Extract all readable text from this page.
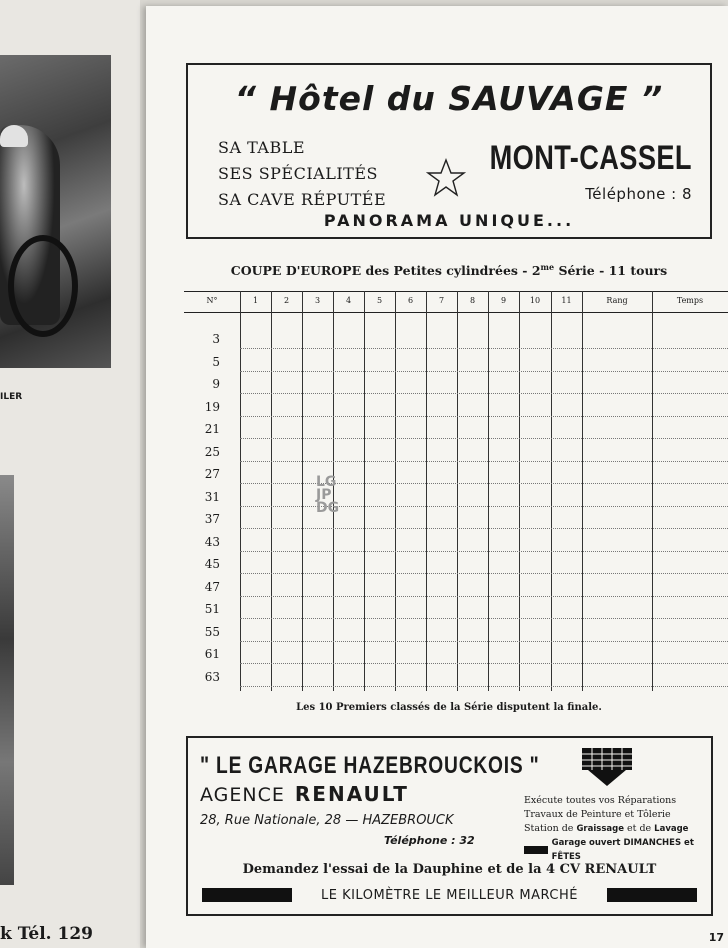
ILER
k Tél. 129
“ Hôtel du SAUVAGE ”
SA TABLE
SES SPÉCIALITÉS
SA CAVE RÉPUTÉE
MONT-CASSEL
Téléphone : 8
PANORAMA UNIQUE...
COUPE D'EUROPE des Petites cylindrées - $2^{me}$ Série - 11 tours
N°	1	2	3	4	5	6	7	8	9	10	11	Rang	Temps
3
5
9
19
21
25
27
31
37
43
45
47
51
55
61
63
Les 10 Premiers classés de la Série disputent la finale.
LG
JP
DG
" LE GARAGE HAZEBROUCKOIS "
AGENCE RENAULT
28, Rue Nationale, 28 — HAZEBROUCK
Téléphone : 32
Exécute toutes vos Réparations
Travaux de Peinture et Tôlerie
Station de Graissage et de Lavage
Garage ouvert DIMANCHES et FÊTES
Demandez l'essai de la Dauphine et de la 4 CV RENAULT
LE KILOMÈTRE LE MEILLEUR MARCHÉ
17
